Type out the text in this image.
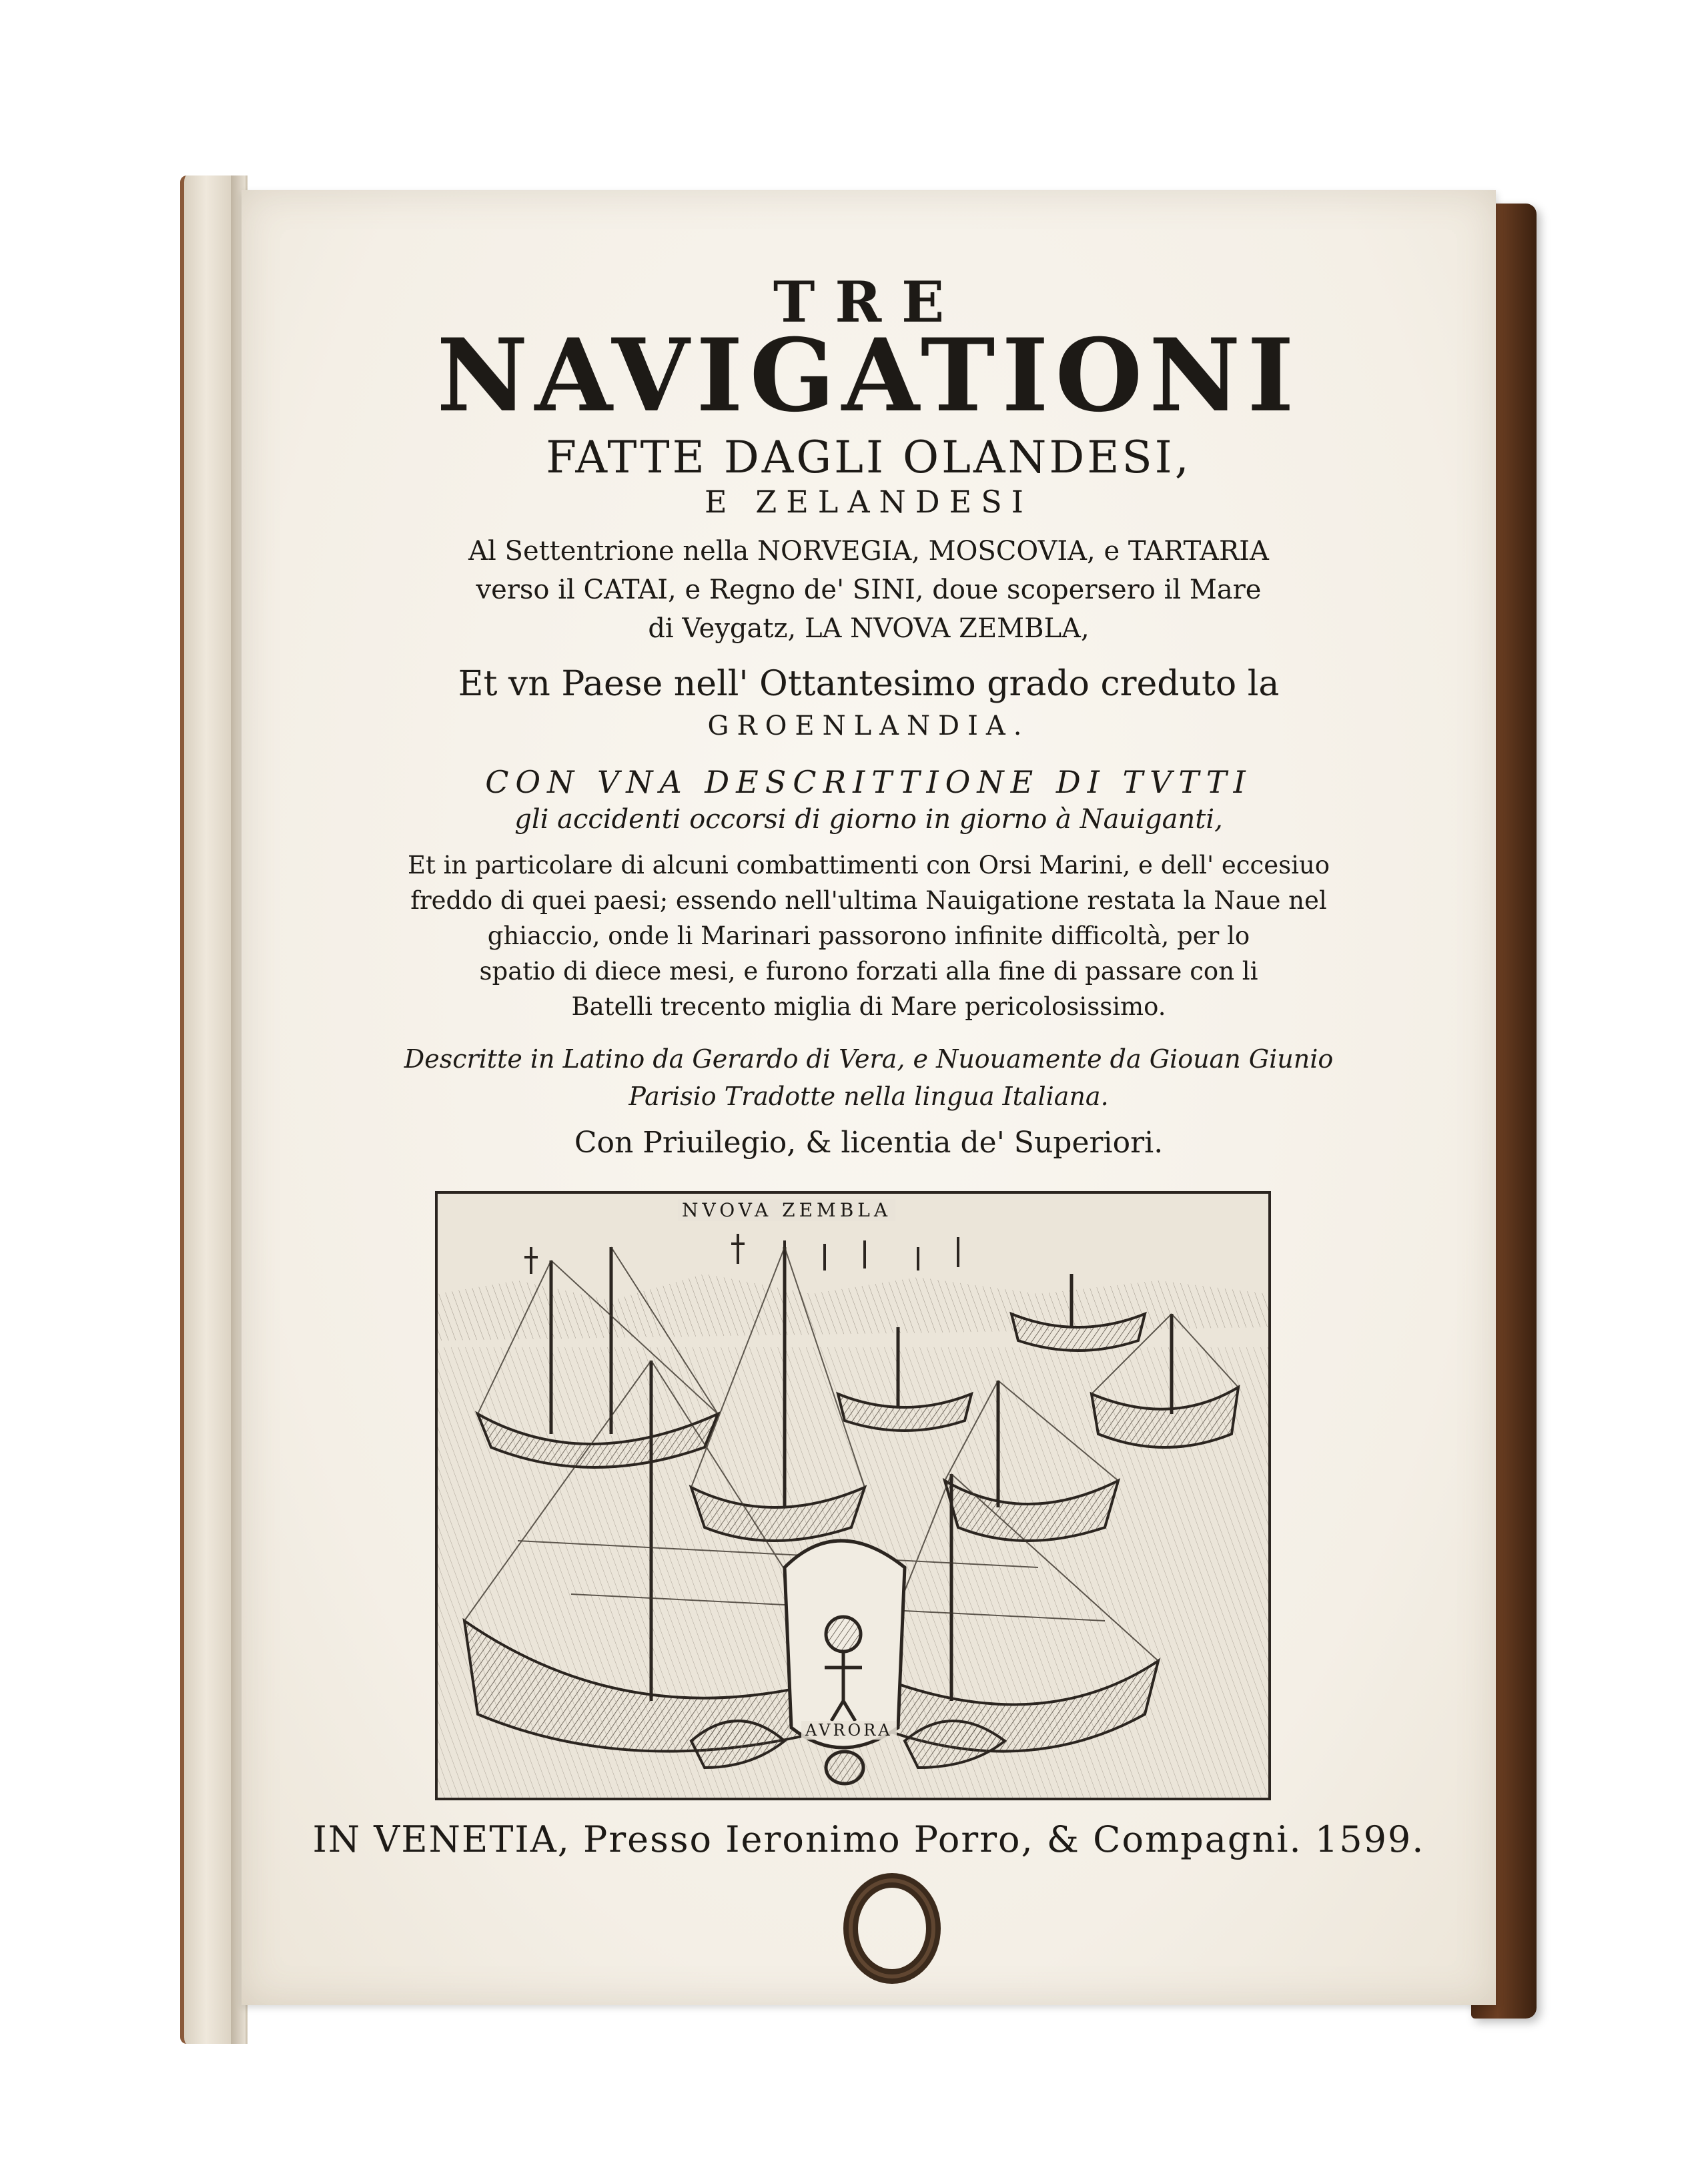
TRE
NAVIGATIONI
FATTE DAGLI OLANDESI,
E ZELANDESI
Al Settentrione nella NORVEGIA, MOSCOVIA, e TARTARIA
verso il CATAI, e Regno de' SINI, doue scopersero il Mare
di Veygatz, LA NVOVA ZEMBLA,
Et vn Paese nell' Ottantesimo grado creduto la
GROENLANDIA.
CON VNA DESCRITTIONE DI TVTTI
gli accidenti occorsi di giorno in giorno à Nauiganti,
Et in particolare di alcuni combattimenti con Orsi Marini, e dell' eccesiuo
freddo di quei paesi; essendo nell'ultima Nauigatione restata la Naue nel
ghiaccio, onde li Marinari passorono infinite difficoltà, per lo
spatio di diece mesi, e furono forzati alla fine di passare con li
Batelli trecento miglia di Mare pericolosissimo.
Descritte in Latino da Gerardo di Vera, e Nuouamente da Giouan Giunio
Parisio Tradotte nella lingua Italiana.
Con Priuilegio, & licentia de' Superiori.
NVOVA ZEMBLA
AVRORA
IN VENETIA, Presso Ieronimo Porro, & Compagni. 1599.
